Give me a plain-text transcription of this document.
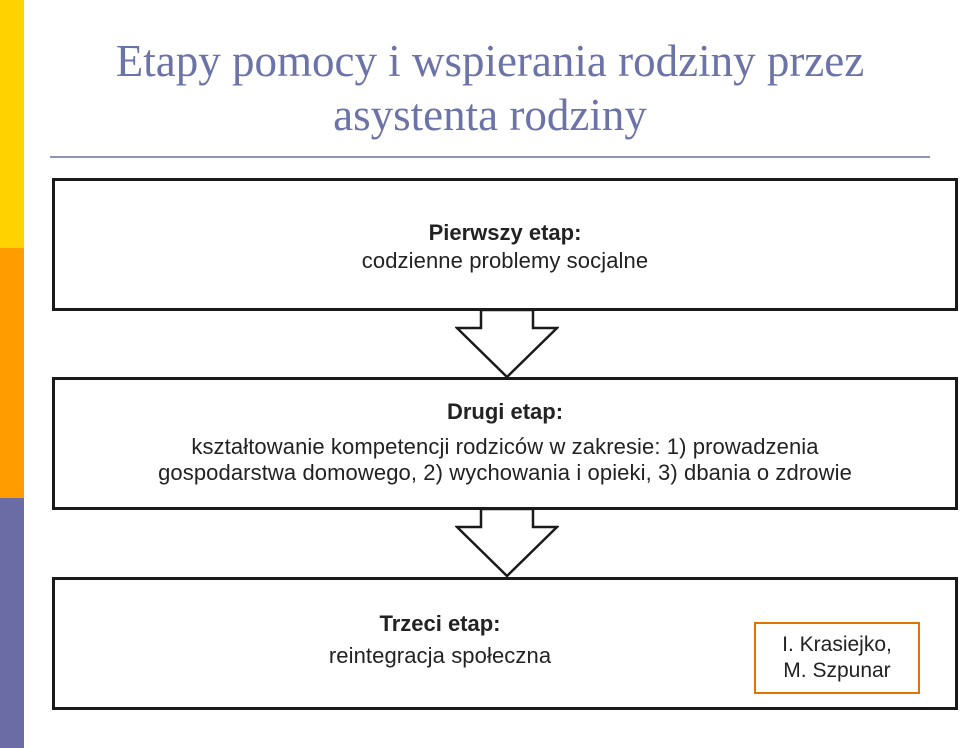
Etapy pomocy i wspierania rodziny przez
asystenta rodziny
Pierwszy etap:
codzienne problemy socjalne
Drugi etap:
kształtowanie kompetencji rodziców w zakresie: 1) prowadzenia
gospodarstwa domowego, 2) wychowania i opieki, 3) dbania o zdrowie
Trzeci etap:
reintegracja społeczna	I. Krasiejko,
M. Szpunar
